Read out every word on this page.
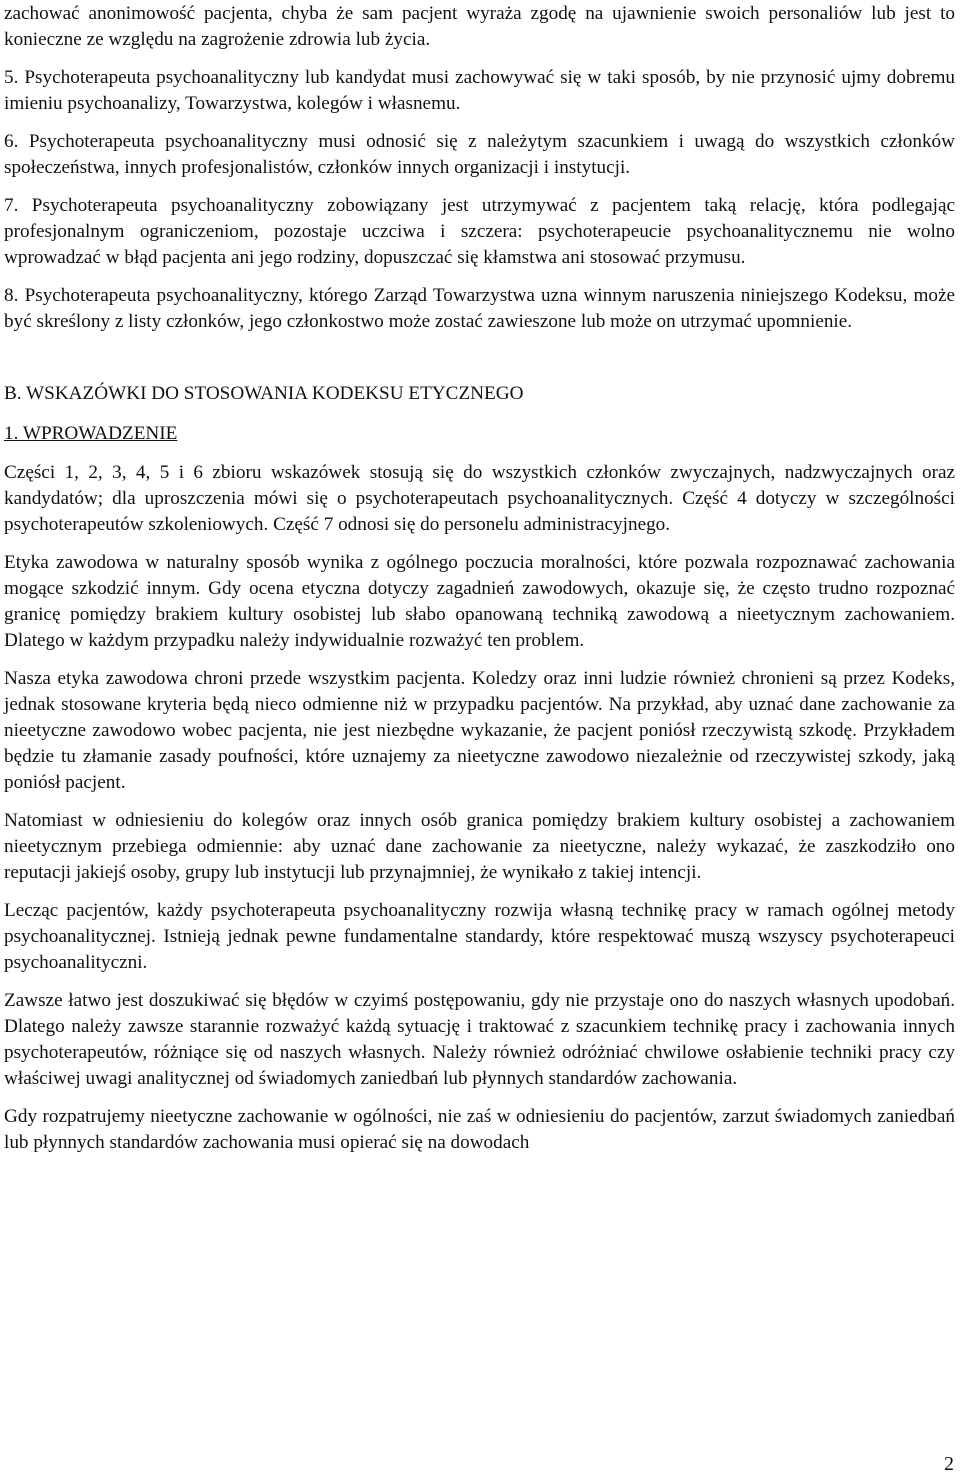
zachować anonimowość pacjenta, chyba że sam pacjent wyraża zgodę na ujawnienie swoich personaliów lub jest to konieczne ze względu na zagrożenie zdrowia lub życia.

5. Psychoterapeuta psychoanalityczny lub kandydat musi zachowywać się w taki sposób, by nie przynosić ujmy dobremu imieniu psychoanalizy, Towarzystwa, kolegów i własnemu.

6. Psychoterapeuta psychoanalityczny musi odnosić się z należytym szacunkiem i uwagą do wszystkich członków społeczeństwa, innych profesjonalistów, członków innych organizacji i instytucji.

7. Psychoterapeuta psychoanalityczny zobowiązany jest utrzymywać z pacjentem taką relację, która podlegając profesjonalnym ograniczeniom, pozostaje uczciwa i szczera: psychoterapeucie psychoanalitycznemu nie wolno wprowadzać w błąd pacjenta ani jego rodziny, dopuszczać się kłamstwa ani stosować przymusu.

8. Psychoterapeuta psychoanalityczny, którego Zarząd Towarzystwa uzna winnym naruszenia niniejszego Kodeksu, może być skreślony z listy członków, jego członkostwo może zostać zawieszone lub może on utrzymać upomnienie.

B. WSKAZÓWKI DO STOSOWANIA KODEKSU ETYCZNEGO

1. WPROWADZENIE

Części 1, 2, 3, 4, 5 i 6 zbioru wskazówek stosują się do wszystkich członków zwyczajnych, nadzwyczajnych oraz kandydatów; dla uproszczenia mówi się o psychoterapeutach psychoanalitycznych. Część 4 dotyczy w szczególności psychoterapeutów szkoleniowych. Część 7 odnosi się do personelu administracyjnego.

Etyka zawodowa w naturalny sposób wynika z ogólnego poczucia moralności, które pozwala rozpoznawać zachowania mogące szkodzić innym. Gdy ocena etyczna dotyczy zagadnień zawodowych, okazuje się, że często trudno rozpoznać granicę pomiędzy brakiem kultury osobistej lub słabo opanowaną techniką zawodową a nieetycznym zachowaniem. Dlatego w każdym przypadku należy indywidualnie rozważyć ten problem.

Nasza etyka zawodowa chroni przede wszystkim pacjenta. Koledzy oraz inni ludzie również chronieni są przez Kodeks, jednak stosowane kryteria będą nieco odmienne niż w przypadku pacjentów. Na przykład, aby uznać dane zachowanie za nieetyczne zawodowo wobec pacjenta, nie jest niezbędne wykazanie, że pacjent poniósł rzeczywistą szkodę. Przykładem będzie tu złamanie zasady poufności, które uznajemy za nieetyczne zawodowo niezależnie od rzeczywistej szkody, jaką poniósł pacjent.

Natomiast w odniesieniu do kolegów oraz innych osób granica pomiędzy brakiem kultury osobistej a zachowaniem nieetycznym przebiega odmiennie: aby uznać dane zachowanie za nieetyczne, należy wykazać, że zaszkodziło ono reputacji jakiejś osoby, grupy lub instytucji lub przynajmniej, że wynikało z takiej intencji.

Lecząc pacjentów, każdy psychoterapeuta psychoanalityczny rozwija własną technikę pracy w ramach ogólnej metody psychoanalitycznej. Istnieją jednak pewne fundamentalne standardy, które respektować muszą wszyscy psychoterapeuci psychoanalityczni.

Zawsze łatwo jest doszukiwać się błędów w czyimś postępowaniu, gdy nie przystaje ono do naszych własnych upodobań. Dlatego należy zawsze starannie rozważyć każdą sytuację i traktować z szacunkiem technikę pracy i zachowania innych psychoterapeutów, różniące się od naszych własnych. Należy również odróżniać chwilowe osłabienie techniki pracy czy właściwej uwagi analitycznej od świadomych zaniedbań lub płynnych standardów zachowania.

Gdy rozpatrujemy nieetyczne zachowanie w ogólności, nie zaś w odniesieniu do pacjentów, zarzut świadomych zaniedbań lub płynnych standardów zachowania musi opierać się na dowodach

2
